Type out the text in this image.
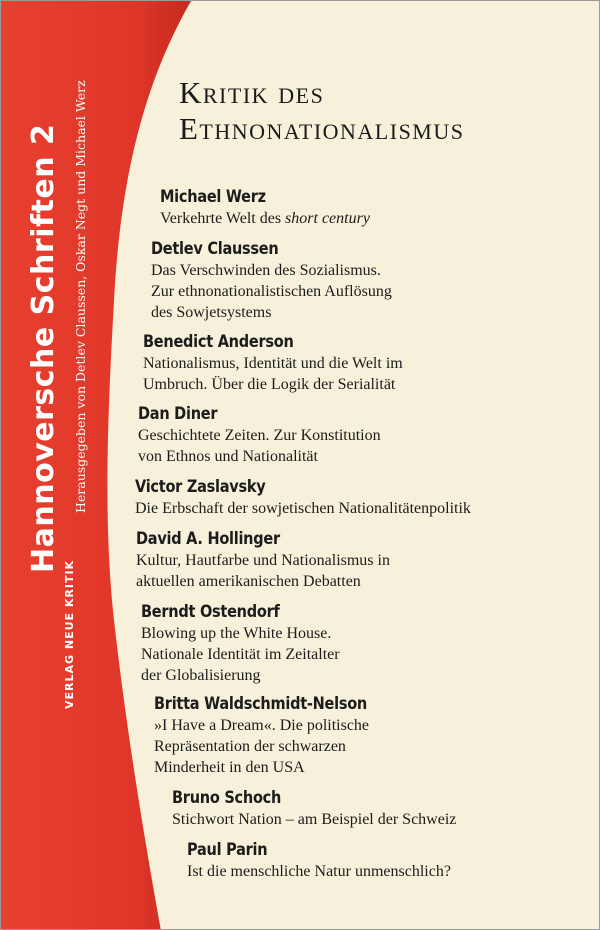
Hannoversche Schriften 2 Herausgegeben von Detlev Claussen, Oskar Negt und Michael Werz
VERLAG NEUE KRITIK
Kritik des
Ethnonationalismus
Michael Werz
Verkehrte Welt des short century
Detlev Claussen
Das Verschwinden des Sozialismus.
Zur ethnonationalistischen Auflösung
des Sowjetsystems
Benedict Anderson
Nationalismus, Identität und die Welt im
Umbruch. Über die Logik der Serialität
Dan Diner
Geschichtete Zeiten. Zur Konstitution
von Ethnos und Nationalität
Victor Zaslavsky
Die Erbschaft der sowjetischen Nationalitätenpolitik
David A. Hollinger
Kultur, Hautfarbe und Nationalismus in
aktuellen amerikanischen Debatten
Berndt Ostendorf
Blowing up the White House.
Nationale Identität im Zeitalter
der Globalisierung
Britta Waldschmidt-Nelson
»I Have a Dream«. Die politische
Repräsentation der schwarzen
Minderheit in den USA
Bruno Schoch
Stichwort Nation – am Beispiel der Schweiz
Paul Parin
Ist die menschliche Natur unmenschlich?
